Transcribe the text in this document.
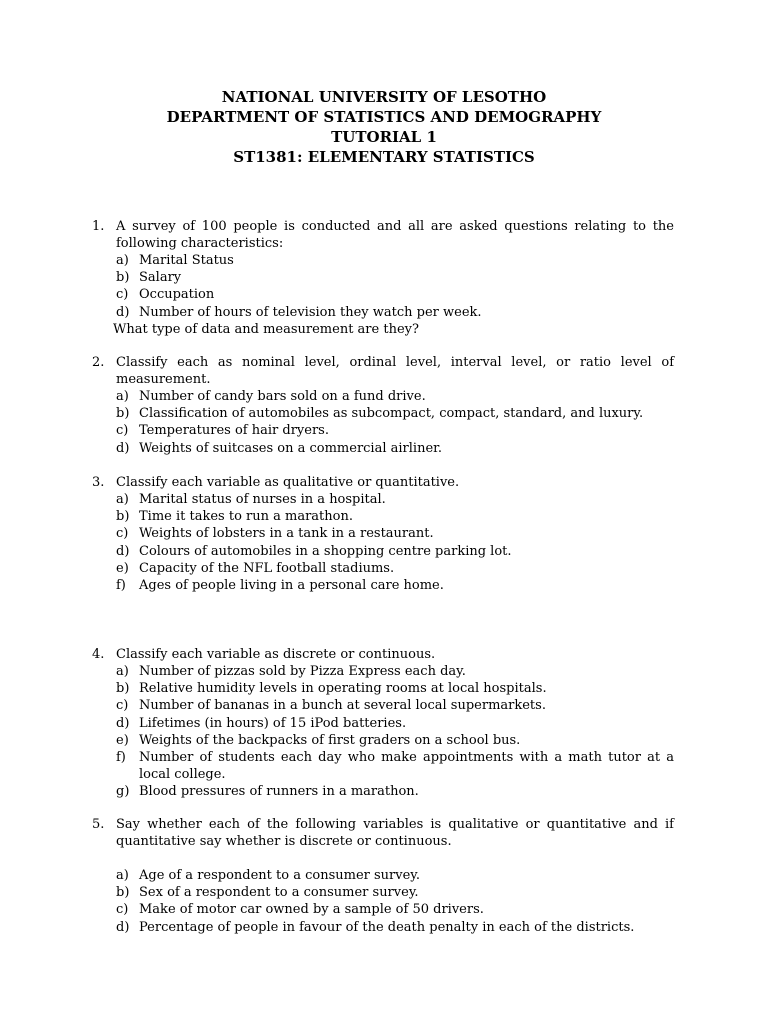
NATIONAL UNIVERSITY OF LESOTHO
DEPARTMENT OF STATISTICS AND DEMOGRAPHY
TUTORIAL 1
ST1381: ELEMENTARY STATISTICS
1. A survey of 100 people is conducted and all are asked questions relating to the following characteristics:
a) Marital Status
b) Salary
c) Occupation
d) Number of hours of television they watch per week.
What type of data and measurement are they?
2. Classify each as nominal level, ordinal level, interval level, or ratio level of measurement.
a) Number of candy bars sold on a fund drive.
b) Classification of automobiles as subcompact, compact, standard, and luxury.
c) Temperatures of hair dryers.
d) Weights of suitcases on a commercial airliner.
3. Classify each variable as qualitative or quantitative.
a) Marital status of nurses in a hospital.
b) Time it takes to run a marathon.
c) Weights of lobsters in a tank in a restaurant.
d) Colours of automobiles in a shopping centre parking lot.
e) Capacity of the NFL football stadiums.
f) Ages of people living in a personal care home.
4. Classify each variable as discrete or continuous.
a) Number of pizzas sold by Pizza Express each day.
b) Relative humidity levels in operating rooms at local hospitals.
c) Number of bananas in a bunch at several local supermarkets.
d) Lifetimes (in hours) of 15 iPod batteries.
e) Weights of the backpacks of first graders on a school bus.
f) Number of students each day who make appointments with a math tutor at a local college.
g) Blood pressures of runners in a marathon.
5. Say whether each of the following variables is qualitative or quantitative and if quantitative say whether is discrete or continuous.
a) Age of a respondent to a consumer survey.
b) Sex of a respondent to a consumer survey.
c) Make of motor car owned by a sample of 50 drivers.
d) Percentage of people in favour of the death penalty in each of the districts.
